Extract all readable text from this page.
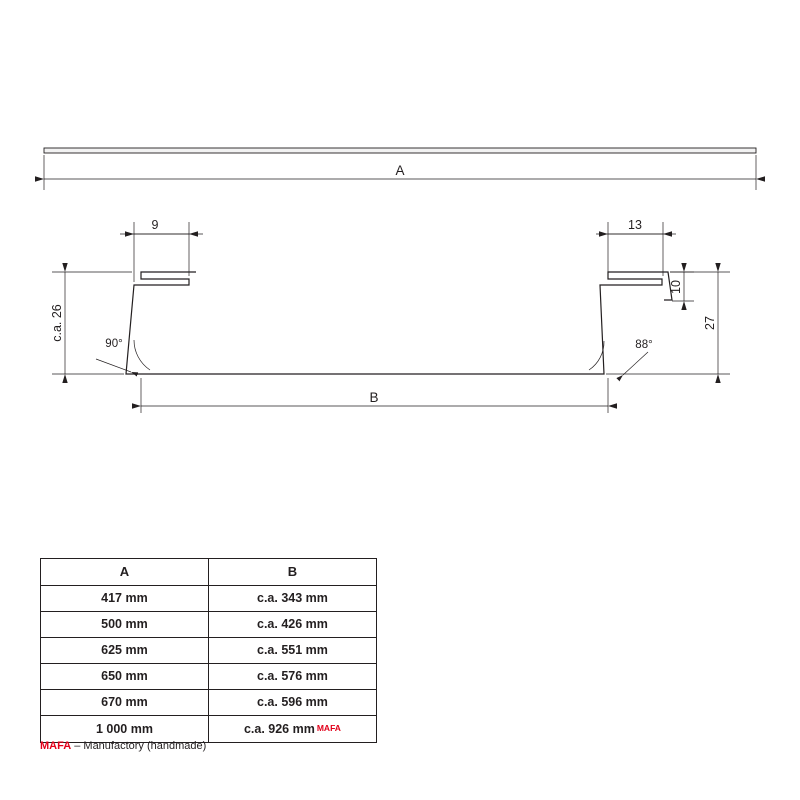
A
9	13
c.a. 26	27
10
B
90°	88°
A	B
417 mm	c.a. 343 mm
500 mm	c.a. 426 mm
625 mm	c.a. 551 mm
650 mm	c.a. 576 mm
670 mm	c.a. 596 mm
1 000 mm	c.a. 926 mm MAFA
MAFA – Manufactory (handmade)
